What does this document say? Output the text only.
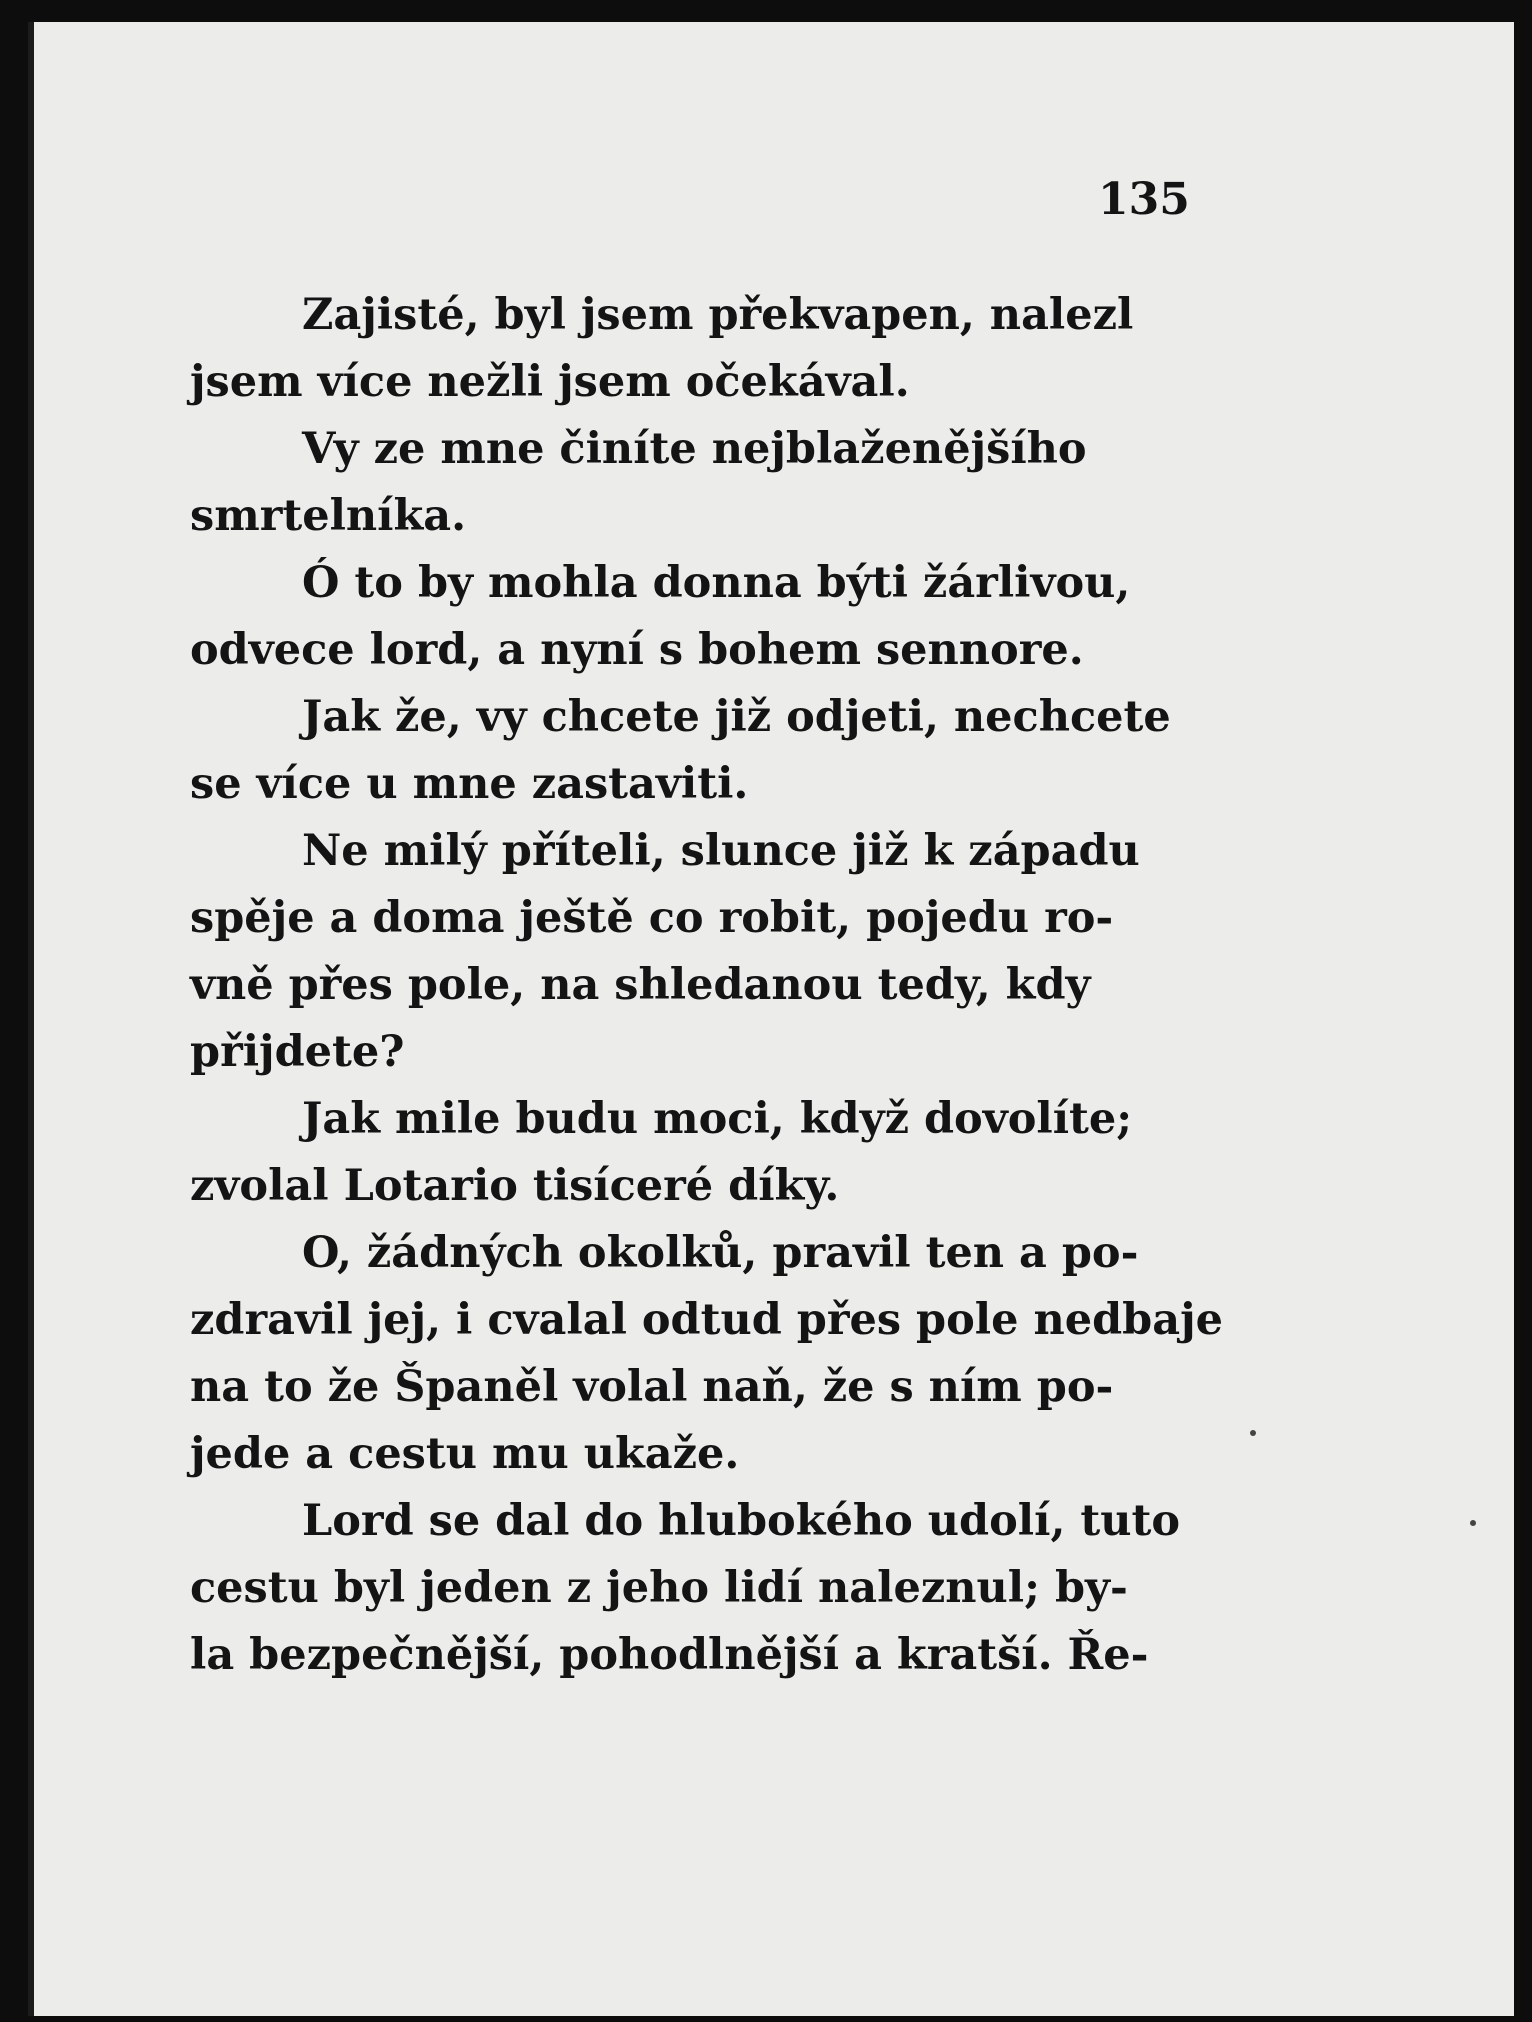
135

Zajisté, byl jsem překvapen, nalezl
jsem více nežli jsem očekával.
Vy ze mne činíte nejblaženějšího
smrtelníka.
Ó to by mohla donna býti žárlivou,
odvece lord, a nyní s bohem sennore.
Jak že, vy chcete již odjeti, nechcete
se více u mne zastaviti.
Ne milý příteli, slunce již k západu
spěje a doma ještě co robit, pojedu ro-
vně přes pole, na shledanou tedy, kdy
přijdete?
Jak mile budu moci, když dovolíte;
zvolal Lotario tisíceré díky.
O, žádných okolků, pravil ten a po-
zdravil jej, i cvalal odtud přes pole nedbaje
na to že Španěl volal naň, že s ním po-
jede a cestu mu ukaže.
Lord se dal do hlubokého udolí, tuto
cestu byl jeden z jeho lidí naleznul; by-
la bezpečnější, pohodlnější a kratší. Ře-
